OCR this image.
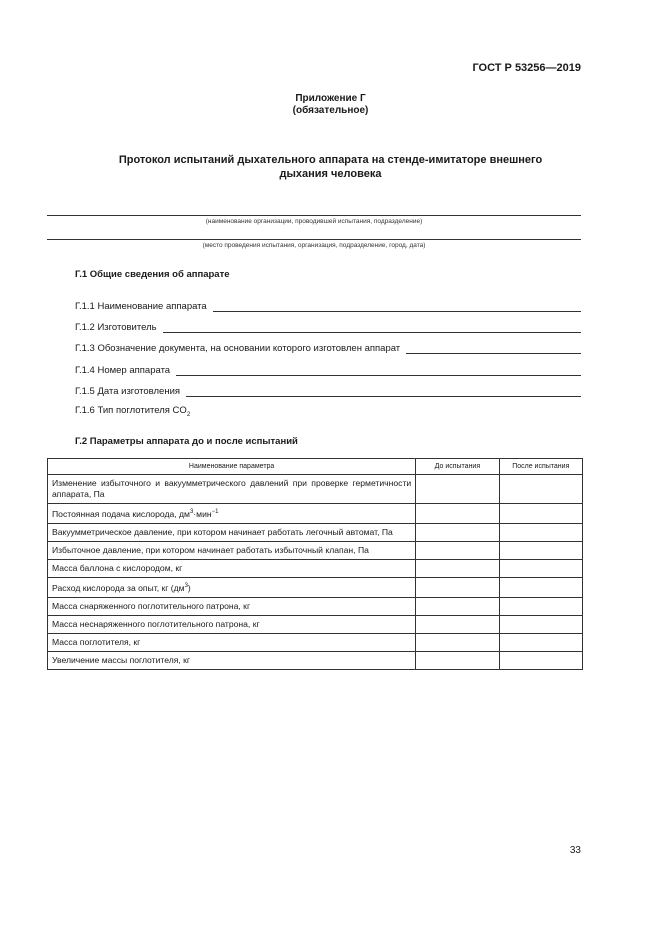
ГОСТ Р 53256—2019
Приложение Г
(обязательное)
Протокол испытаний дыхательного аппарата на стенде-имитаторе внешнего
дыхания человека
(наименование организации, проводившей испытания, подразделение)
(место проведения испытания, организация, подразделение, город, дата)
Г.1 Общие сведения об аппарате
Г.1.1 Наименование аппарата
Г.1.2 Изготовитель
Г.1.3 Обозначение документа, на основании которого изготовлен аппарат
Г.1.4 Номер аппарата
Г.1.5 Дата изготовления
Г.1.6 Тип поглотителя $CO_2$
Г.2 Параметры аппарата до и после испытаний
Наименование параметра	До испытания	После испытания
Изменение избыточного и вакуумметрического давлений при проверке герметичности аппарата, Па		
Постоянная подача кислорода, $дм^3\cdot мин^{-1}$		
Вакуумметрическое давление, при котором начинает работать легочный автомат, Па		
Избыточное давление, при котором начинает работать избыточный клапан, Па		
Масса баллона с кислородом, кг		
Расход кислорода за опыт, кг $(дм^3)$		
Масса снаряженного поглотительного патрона, кг		
Масса неснаряженного поглотительного патрона, кг		
Масса поглотителя, кг		
Увеличение массы поглотителя, кг		
33
